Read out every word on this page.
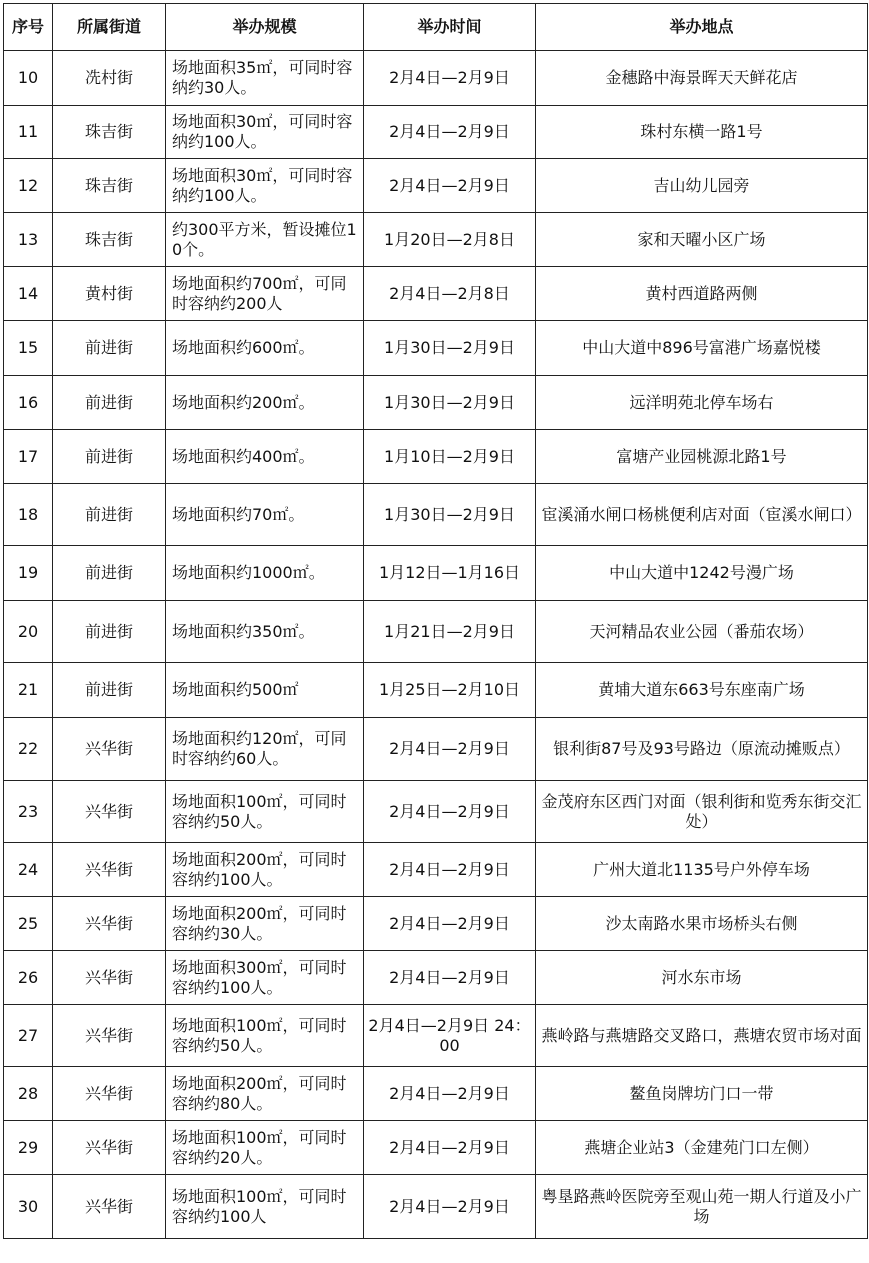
序号	所属街道	举办规模	举办时间	举办地点
10	冼村街	场地面积35㎡，可同时容纳约30人。	2月4日—2月9日	金穗路中海景晖天天鲜花店
11	珠吉街	场地面积30㎡，可同时容纳约100人。	2月4日—2月9日	珠村东横一路1号
12	珠吉街	场地面积30㎡，可同时容纳约100人。	2月4日—2月9日	吉山幼儿园旁
13	珠吉街	约300平方米，暂设摊位10个。	1月20日—2月8日	家和天曜小区广场
14	黄村街	场地面积约700㎡，可同时容纳约200人	2月4日—2月8日	黄村西道路两侧
15	前进街	场地面积约600㎡。	1月30日—2月9日	中山大道中896号富港广场嘉悦楼
16	前进街	场地面积约200㎡。	1月30日—2月9日	远洋明苑北停车场右
17	前进街	场地面积约400㎡。	1月10日—2月9日	富塘产业园桃源北路1号
18	前进街	场地面积约70㎡。	1月30日—2月9日	宦溪涌水闸口杨桃便利店对面（宦溪水闸口）
19	前进街	场地面积约1000㎡。	1月12日—1月16日	中山大道中1242号漫广场
20	前进街	场地面积约350㎡。	1月21日—2月9日	天河精品农业公园（番茄农场）
21	前进街	场地面积约500㎡	1月25日—2月10日	黄埔大道东663号东座南广场
22	兴华街	场地面积约120㎡，可同时容纳约60人。	2月4日—2月9日	银利街87号及93号路边（原流动摊贩点）
23	兴华街	场地面积100㎡，可同时容纳约50人。	2月4日—2月9日	金茂府东区西门对面（银利街和览秀东街交汇处）
24	兴华街	场地面积200㎡，可同时容纳约100人。	2月4日—2月9日	广州大道北1135号户外停车场
25	兴华街	场地面积200㎡，可同时容纳约30人。	2月4日—2月9日	沙太南路水果市场桥头右侧
26	兴华街	场地面积300㎡，可同时容纳约100人。	2月4日—2月9日	河水东市场
27	兴华街	场地面积100㎡，可同时容纳约50人。	2月4日—2月9日 24：00	燕岭路与燕塘路交叉路口，燕塘农贸市场对面
28	兴华街	场地面积200㎡，可同时容纳约80人。	2月4日—2月9日	鳌鱼岗牌坊门口一带
29	兴华街	场地面积100㎡，可同时容纳约20人。	2月4日—2月9日	燕塘企业站3（金建苑门口左侧）
30	兴华街	场地面积100㎡，可同时容纳约100人	2月4日—2月9日	粤垦路燕岭医院旁至观山苑一期人行道及小广场
